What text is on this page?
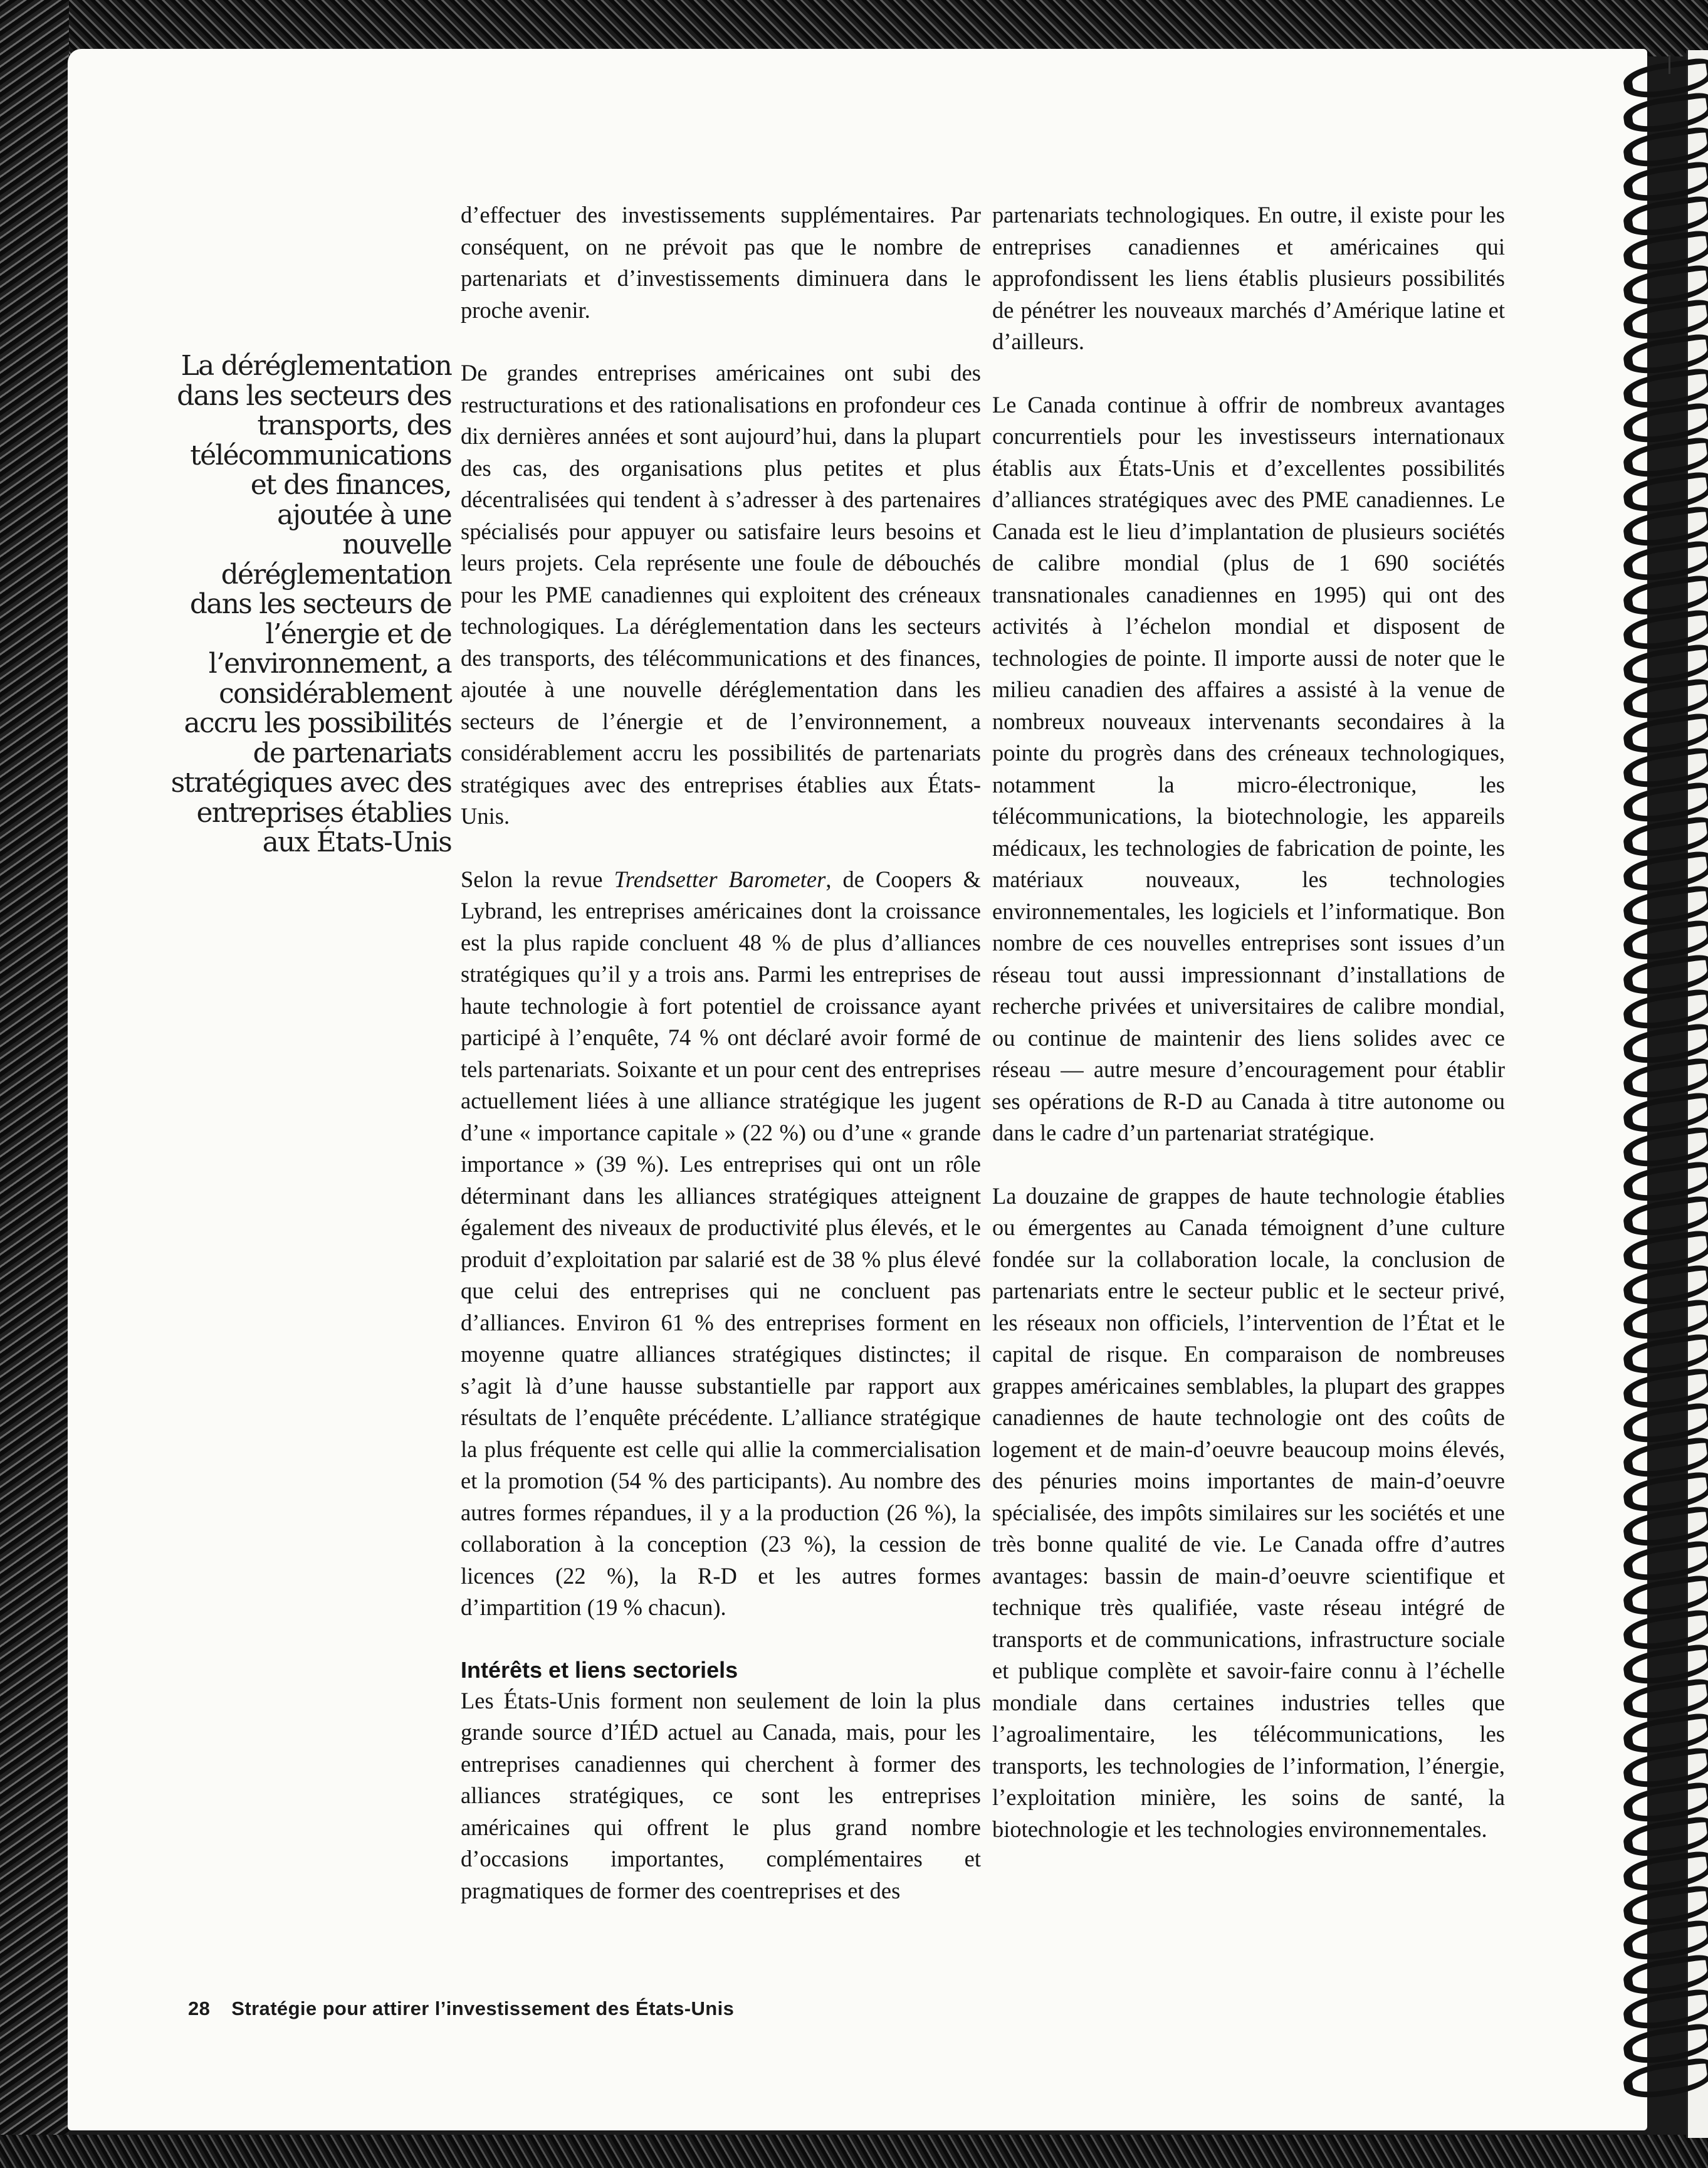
La déréglementation dans les secteurs des transports, des télécommunications et des finances, ajoutée à une nouvelle déréglementation dans les secteurs de l’énergie et de l’environnement, a considérablement accru les possibilités de partenariats stratégiques avec des entreprises établies aux États-Unis

d’effectuer des investissements supplémentaires. Par conséquent, on ne prévoit pas que le nombre de partenariats et d’investissements diminuera dans le proche avenir.

De grandes entreprises américaines ont subi des restructurations et des rationalisations en profondeur ces dix dernières années et sont aujourd’hui, dans la plupart des cas, des organisations plus petites et plus décentralisées qui tendent à s’adresser à des partenaires spécialisés pour appuyer ou satisfaire leurs besoins et leurs projets. Cela représente une foule de débouchés pour les PME canadiennes qui exploitent des créneaux technologiques. La déréglementation dans les secteurs des transports, des télécommunications et des finances, ajoutée à une nouvelle déréglementation dans les secteurs de l’énergie et de l’environnement, a considérablement accru les possibilités de partenariats stratégiques avec des entreprises établies aux États-Unis.

Selon la revue Trendsetter Barometer, de Coopers & Lybrand, les entreprises américaines dont la croissance est la plus rapide concluent 48 % de plus d’alliances stratégiques qu’il y a trois ans. Parmi les entreprises de haute technologie à fort potentiel de croissance ayant participé à l’enquête, 74 % ont déclaré avoir formé de tels partenariats. Soixante et un pour cent des entreprises actuellement liées à une alliance stratégique les jugent d’une « importance capitale » (22 %) ou d’une « grande importance » (39 %). Les entreprises qui ont un rôle déterminant dans les alliances stratégiques atteignent également des niveaux de productivité plus élevés, et le produit d’exploitation par salarié est de 38 % plus élevé que celui des entreprises qui ne concluent pas d’alliances. Environ 61 % des entreprises forment en moyenne quatre alliances stratégiques distinctes; il s’agit là d’une hausse substantielle par rapport aux résultats de l’enquête précédente. L’alliance stratégique la plus fréquente est celle qui allie la commercialisation et la promotion (54 % des participants). Au nombre des autres formes répandues, il y a la production (26 %), la collaboration à la conception (23 %), la cession de licences (22 %), la R-D et les autres formes d’impartition (19 % chacun).

Intérêts et liens sectoriels

Les États-Unis forment non seulement de loin la plus grande source d’IÉD actuel au Canada, mais, pour les entreprises canadiennes qui cherchent à former des alliances stratégiques, ce sont les entreprises américaines qui offrent le plus grand nombre d’occasions importantes, complémentaires et pragmatiques de former des coentreprises et des

partenariats technologiques. En outre, il existe pour les entreprises canadiennes et américaines qui approfondissent les liens établis plusieurs possibilités de pénétrer les nouveaux marchés d’Amérique latine et d’ailleurs.

Le Canada continue à offrir de nombreux avantages concurrentiels pour les investisseurs internationaux établis aux États-Unis et d’excellentes possibilités d’alliances stratégiques avec des PME canadiennes. Le Canada est le lieu d’implantation de plusieurs sociétés de calibre mondial (plus de 1 690 sociétés transnationales canadiennes en 1995) qui ont des activités à l’échelon mondial et disposent de technologies de pointe. Il importe aussi de noter que le milieu canadien des affaires a assisté à la venue de nombreux nouveaux intervenants secondaires à la pointe du progrès dans des créneaux technologiques, notamment la micro-électronique, les télécommunications, la biotechnologie, les appareils médicaux, les technologies de fabrication de pointe, les matériaux nouveaux, les technologies environnementales, les logiciels et l’informatique. Bon nombre de ces nouvelles entreprises sont issues d’un réseau tout aussi impressionnant d’installations de recherche privées et universitaires de calibre mondial, ou continue de maintenir des liens solides avec ce réseau — autre mesure d’encouragement pour établir ses opérations de R-D au Canada à titre autonome ou dans le cadre d’un partenariat stratégique.

La douzaine de grappes de haute technologie établies ou émergentes au Canada témoignent d’une culture fondée sur la collaboration locale, la conclusion de partenariats entre le secteur public et le secteur privé, les réseaux non officiels, l’intervention de l’État et le capital de risque. En comparaison de nombreuses grappes américaines semblables, la plupart des grappes canadiennes de haute technologie ont des coûts de logement et de main-d’oeuvre beaucoup moins élevés, des pénuries moins importantes de main-d’oeuvre spécialisée, des impôts similaires sur les sociétés et une très bonne qualité de vie. Le Canada offre d’autres avantages: bassin de main-d’oeuvre scientifique et technique très qualifiée, vaste réseau intégré de transports et de communications, infrastructure sociale et publique complète et savoir-faire connu à l’échelle mondiale dans certaines industries telles que l’agroalimentaire, les télécommunications, les transports, les technologies de l’information, l’énergie, l’exploitation minière, les soins de santé, la biotechnologie et les technologies environnementales.

28 Stratégie pour attirer l’investissement des États-Unis
